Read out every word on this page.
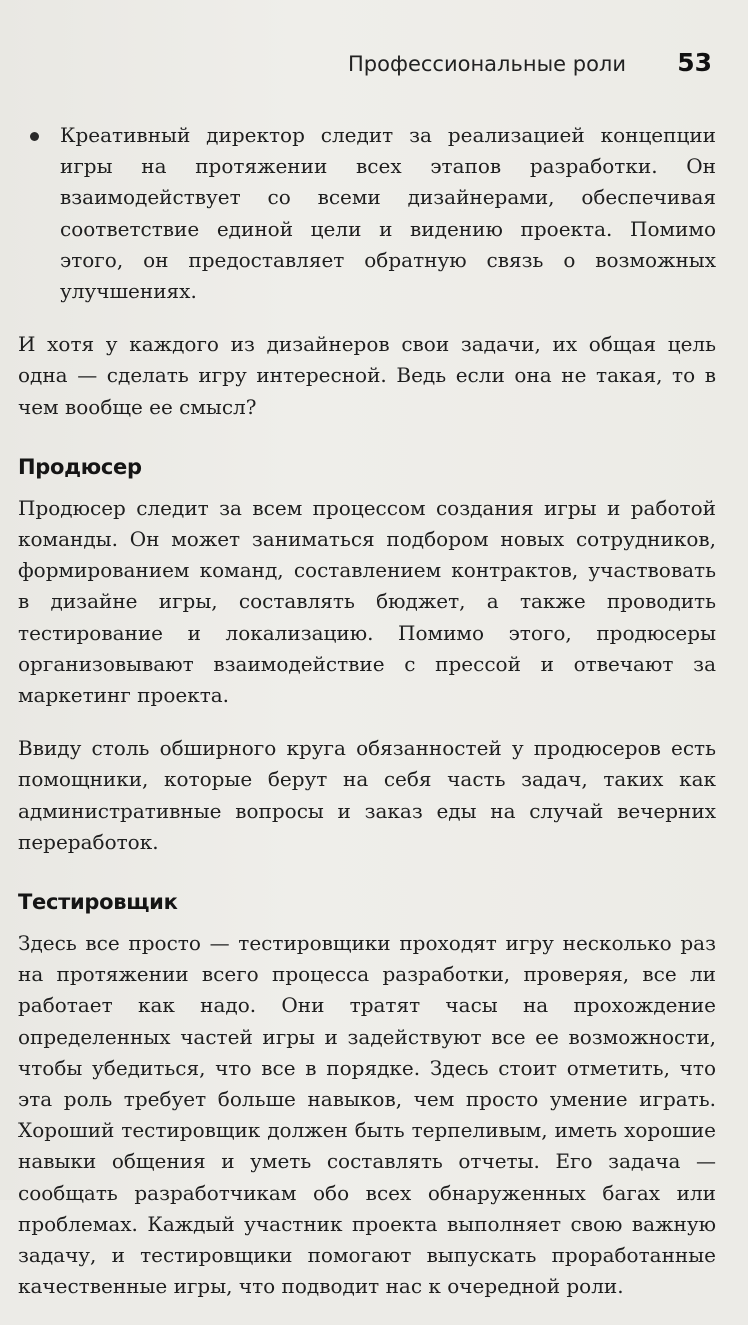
Профессиональные роли 53
Креативный директор следит за реализацией концепции игры на протяжении всех этапов разработки. Он взаимодействует со всеми дизайнерами, обеспечивая соответствие единой цели и видению проекта. Помимо этого, он предоставляет обратную связь о возможных улучшениях.

И хотя у каждого из дизайнеров свои задачи, их общая цель одна — сделать игру интересной. Ведь если она не такая, то в чем вообще ее смысл?

Продюсер

Продюсер следит за всем процессом создания игры и работой команды. Он может заниматься подбором новых сотрудников, формированием команд, составлением контрактов, участвовать в дизайне игры, составлять бюджет, а также проводить тестирование и локализацию. Помимо этого, продюсеры организовывают взаимодействие с прессой и отвечают за маркетинг проекта.

Ввиду столь обширного круга обязанностей у продюсеров есть помощники, которые берут на себя часть задач, таких как административные вопросы и заказ еды на случай вечерних переработок.

Тестировщик

Здесь все просто — тестировщики проходят игру несколько раз на протяжении всего процесса разработки, проверяя, все ли работает как надо. Они тратят часы на прохождение определенных частей игры и задействуют все ее возможности, чтобы убедиться, что все в порядке. Здесь стоит отметить, что эта роль требует больше навыков, чем просто умение играть. Хороший тестировщик должен быть терпеливым, иметь хорошие навыки общения и уметь составлять отчеты. Его задача — сообщать разработчикам обо всех обнаруженных багах или проблемах. Каждый участник проекта выполняет свою важную задачу, и тестировщики помогают выпускать проработанные качественные игры, что подводит нас к очередной роли.
